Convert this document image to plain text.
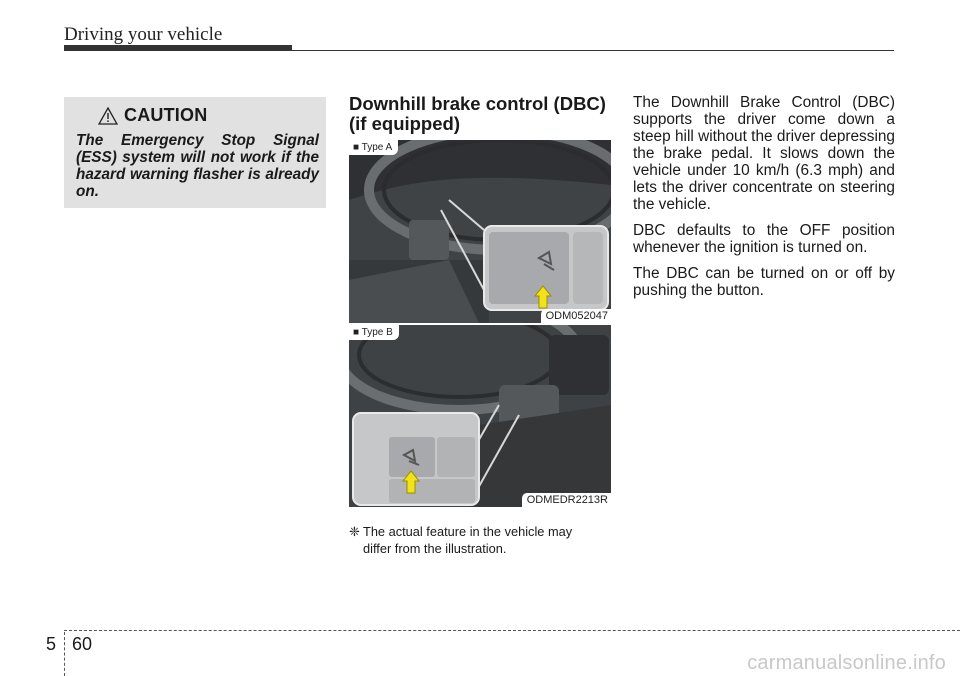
Driving your vehicle
CAUTION
The Emergency Stop Signal (ESS) system will not work if the hazard warning flasher is already on.
Downhill brake control (DBC)
(if equipped)
■ Type A
ODM052047
■ Type B
ODMEDR2213R
❈ The actual feature in the vehicle may
differ from the illustration.

The Downhill Brake Control (DBC) supports the driver come down a steep hill without the driver depressing the brake pedal. It slows down the vehicle under 10 km/h (6.3 mph) and lets the driver concentrate on steering the vehicle.

DBC defaults to the OFF position whenever the ignition is turned on.

The DBC can be turned on or off by pushing the button.

5 60
carmanualsonline.info
